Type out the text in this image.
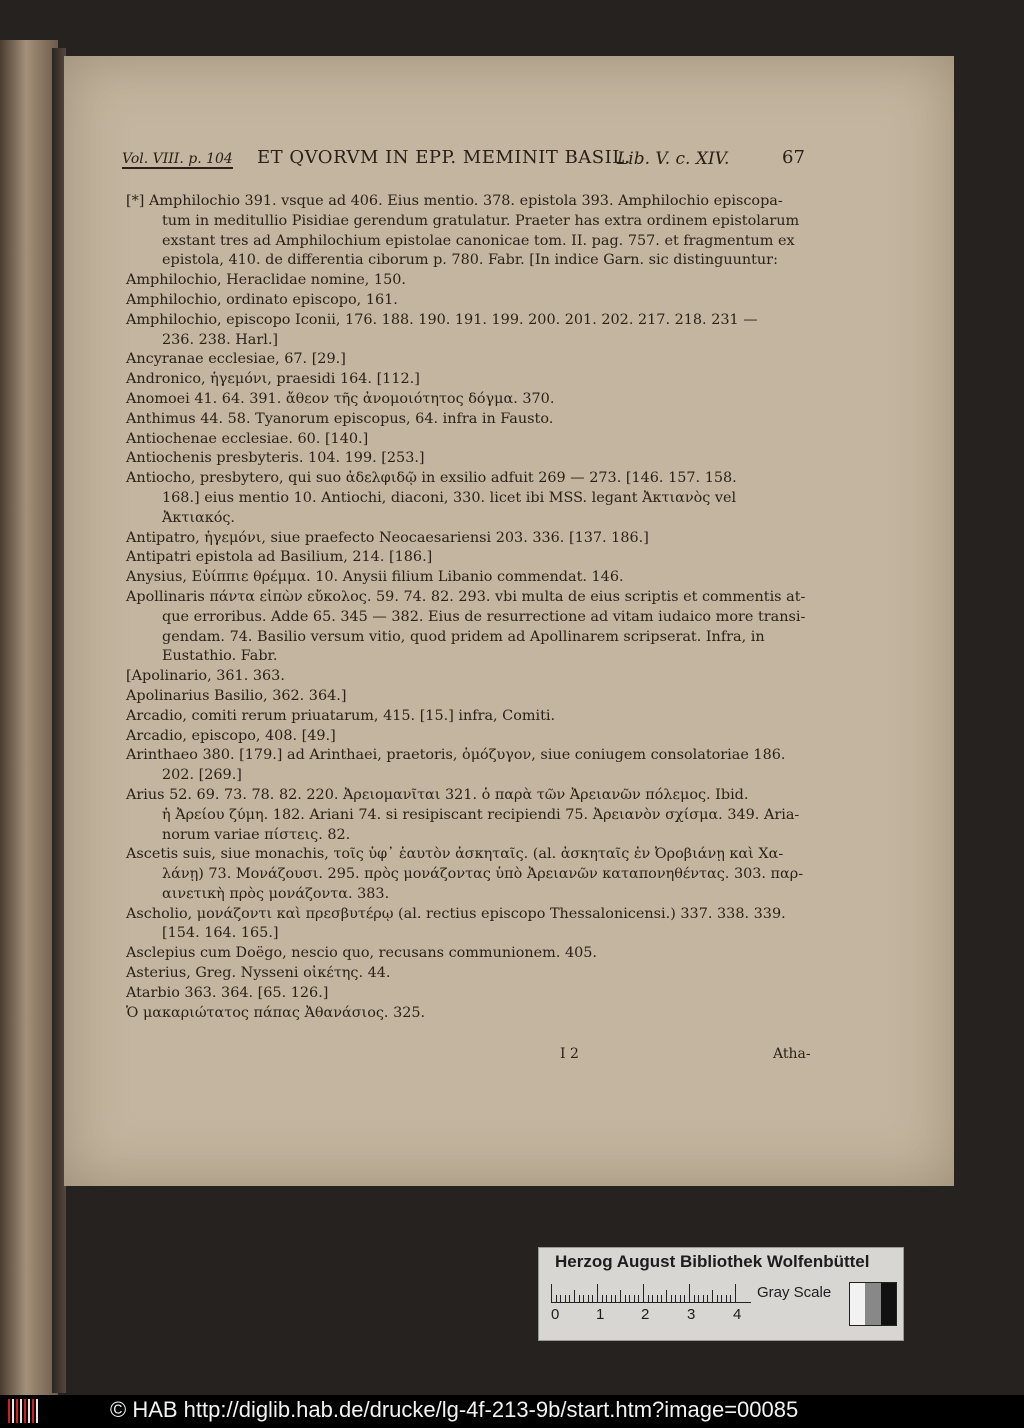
Vol. VIII. p. 104 ET QVORVM IN EPP. MEMINIT BASIL.
Lib. V. c. XIV.	67
[*] Amphilochio 391. vsque ad 406. Eius mentio. 378. epistola 393. Amphilochio episcopa-
tum in meditullio Pisidiae gerendum gratulatur. Praeter has extra ordinem epistolarum
exstant tres ad Amphilochium epistolae canonicae tom. II. pag. 757. et fragmentum ex
epistola, 410. de differentia ciborum p. 780. Fabr. [In indice Garn. sic distinguuntur:
Amphilochio, Heraclidae nomine, 150.
Amphilochio, ordinato episcopo, 161.
Amphilochio, episcopo Iconii, 176. 188. 190. 191. 199. 200. 201. 202. 217. 218. 231 —
236. 238. Harl.]
Ancyranae ecclesiae, 67. [29.]
Andronico, ἡγεμόνι, praesidi 164. [112.]
Anomoei 41. 64. 391. ἄθεον τῆς ἀνομοιότητος δόγμα. 370.
Anthimus 44. 58. Tyanorum episcopus, 64. infra in Fausto.
Antiochenae ecclesiae. 60. [140.]
Antiochenis presbyteris. 104. 199. [253.]
Antiocho, presbytero, qui suo ἀδελφιδῷ in exsilio adfuit 269 — 273. [146. 157. 158.
168.] eius mentio 10. Antiochi, diaconi, 330. licet ibi MSS. legant Ἀκτιανὸς vel
Ἀκτιακός.
Antipatro, ἡγεμόνι, siue praefecto Neocaesariensi 203. 336. [137. 186.]
Antipatri epistola ad Basilium, 214. [186.]
Anysius, Εὐίππιε θρέμμα. 10. Anysii filium Libanio commendat. 146.
Apollinaris πάντα εἰπὼν εὔκολος. 59. 74. 82. 293. vbi multa de eius scriptis et commentis at-
que erroribus. Adde 65. 345 — 382. Eius de resurrectione ad vitam iudaico more transi-
gendam. 74. Basilio versum vitio, quod pridem ad Apollinarem scripserat. Infra, in
Eustathio. Fabr.
[Apolinario, 361. 363.
Apolinarius Basilio, 362. 364.]
Arcadio, comiti rerum priuatarum, 415. [15.] infra, Comiti.
Arcadio, episcopo, 408. [49.]
Arinthaeo 380. [179.] ad Arinthaei, praetoris, ὁμόζυγον, siue coniugem consolatoriae 186.
202. [269.]
Arius 52. 69. 73. 78. 82. 220. Ἀρειομανῖται 321. ὁ παρὰ τῶν Ἀρειανῶν πόλεμος. Ibid.
ἡ Ἀρείου ζύμη. 182. Ariani 74. si resipiscant recipiendi 75. Ἀρειανὸν σχίσμα. 349. Aria-
norum variae πίστεις. 82.
Ascetis suis, siue monachis, τοῖς ὑφ᾽ ἑαυτὸν ἀσκηταῖς. (al. ἀσκηταῖς ἐν Ὀροβιάνῃ καὶ Χα-
λάνῃ) 73. Μονάζουσι. 295. πρὸς μονάζοντας ὑπὸ Ἀρειανῶν καταπονηθέντας. 303. παρ-
αινετικὴ πρὸς μονάζοντα. 383.
Ascholio, μονάζοντι καὶ πρεσβυτέρῳ (al. rectius episcopo Thessalonicensi.) 337. 338. 339.
[154. 164. 165.]
Asclepius cum Doëgo, nescio quo, recusans communionem. 405.
Asterius, Greg. Nysseni οἰκέτης. 44.
Atarbio 363. 364. [65. 126.]
Ὁ μακαριώτατος πάπας Ἀθανάσιος. 325.
I 2	Atha-
Herzog August Bibliothek Wolfenbüttel
0 1 2	3	4
Gray Scale
© HAB http://diglib.hab.de/drucke/lg-4f-213-9b/start.htm?image=00085
